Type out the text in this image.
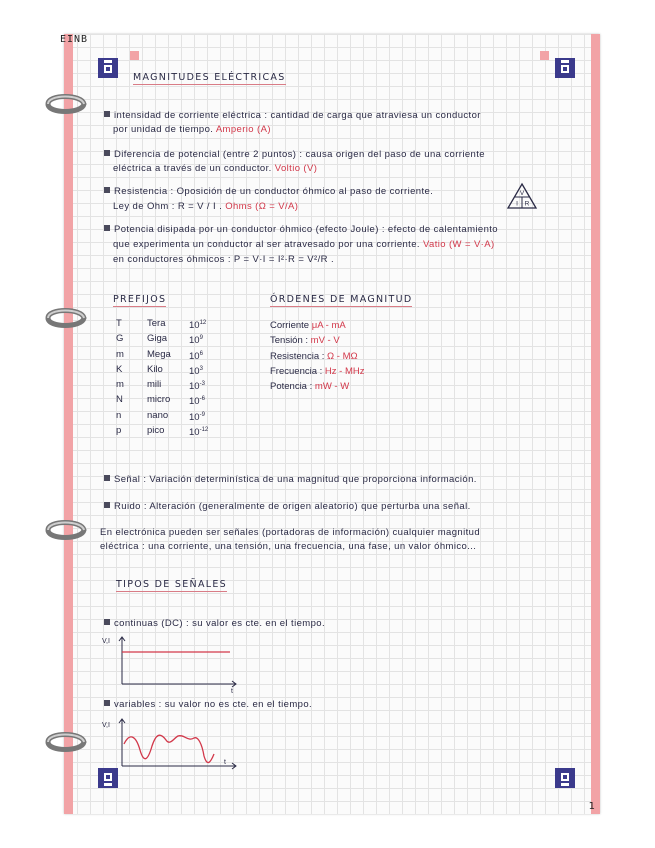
EINB
1
MAGNITUDES ELÉCTRICAS
intensidad de corriente eléctrica : cantidad de carga que atraviesa un conductor
por unidad de tiempo. Amperio (A)
Diferencia de potencial (entre 2 puntos) : causa origen del paso de una corriente
eléctrica a través de un conductor. Voltio (V)
Resistencia : Oposición de un conductor óhmico al paso de corriente.
Ley de Ohm : R = V / I . Ohms (Ω = V/A)
V
I R
Potencia disipada por un conductor óhmico (efecto Joule) : efecto de calentamiento
que experimenta un conductor al ser atravesado por una corriente. Vatio (W = V·A)
en conductores óhmicos : P = V·I = I²·R = V²/R .
PREFIJOS
T
G
m
K
m
N
n
p
Tera
Giga
Mega
Kilo
mili
micro
nano
pico
$10^{12}$
$10^9$
$10^6$
$10^3$
$10^{-3}$
$10^{-6}$
$10^{-9}$
$10^{-12}$
ÓRDENES DE MAGNITUD
Corriente μA - mA
Tensión : mV - V
Resistencia : Ω - MΩ
Frecuencia : Hz - MHz
Potencia : mW - W
Señal : Variación determinística de una magnitud que proporciona información.
Ruido : Alteración (generalmente de origen aleatorio) que perturba una señal.
En electrónica pueden ser señales (portadoras de información) cualquier magnitud
eléctrica : una corriente, una tensión, una frecuencia, una fase, un valor óhmico...
TIPOS DE SEÑALES
continuas (DC) : su valor es cte. en el tiempo.
V,I
t
variables : su valor no es cte. en el tiempo.
V,I
t
